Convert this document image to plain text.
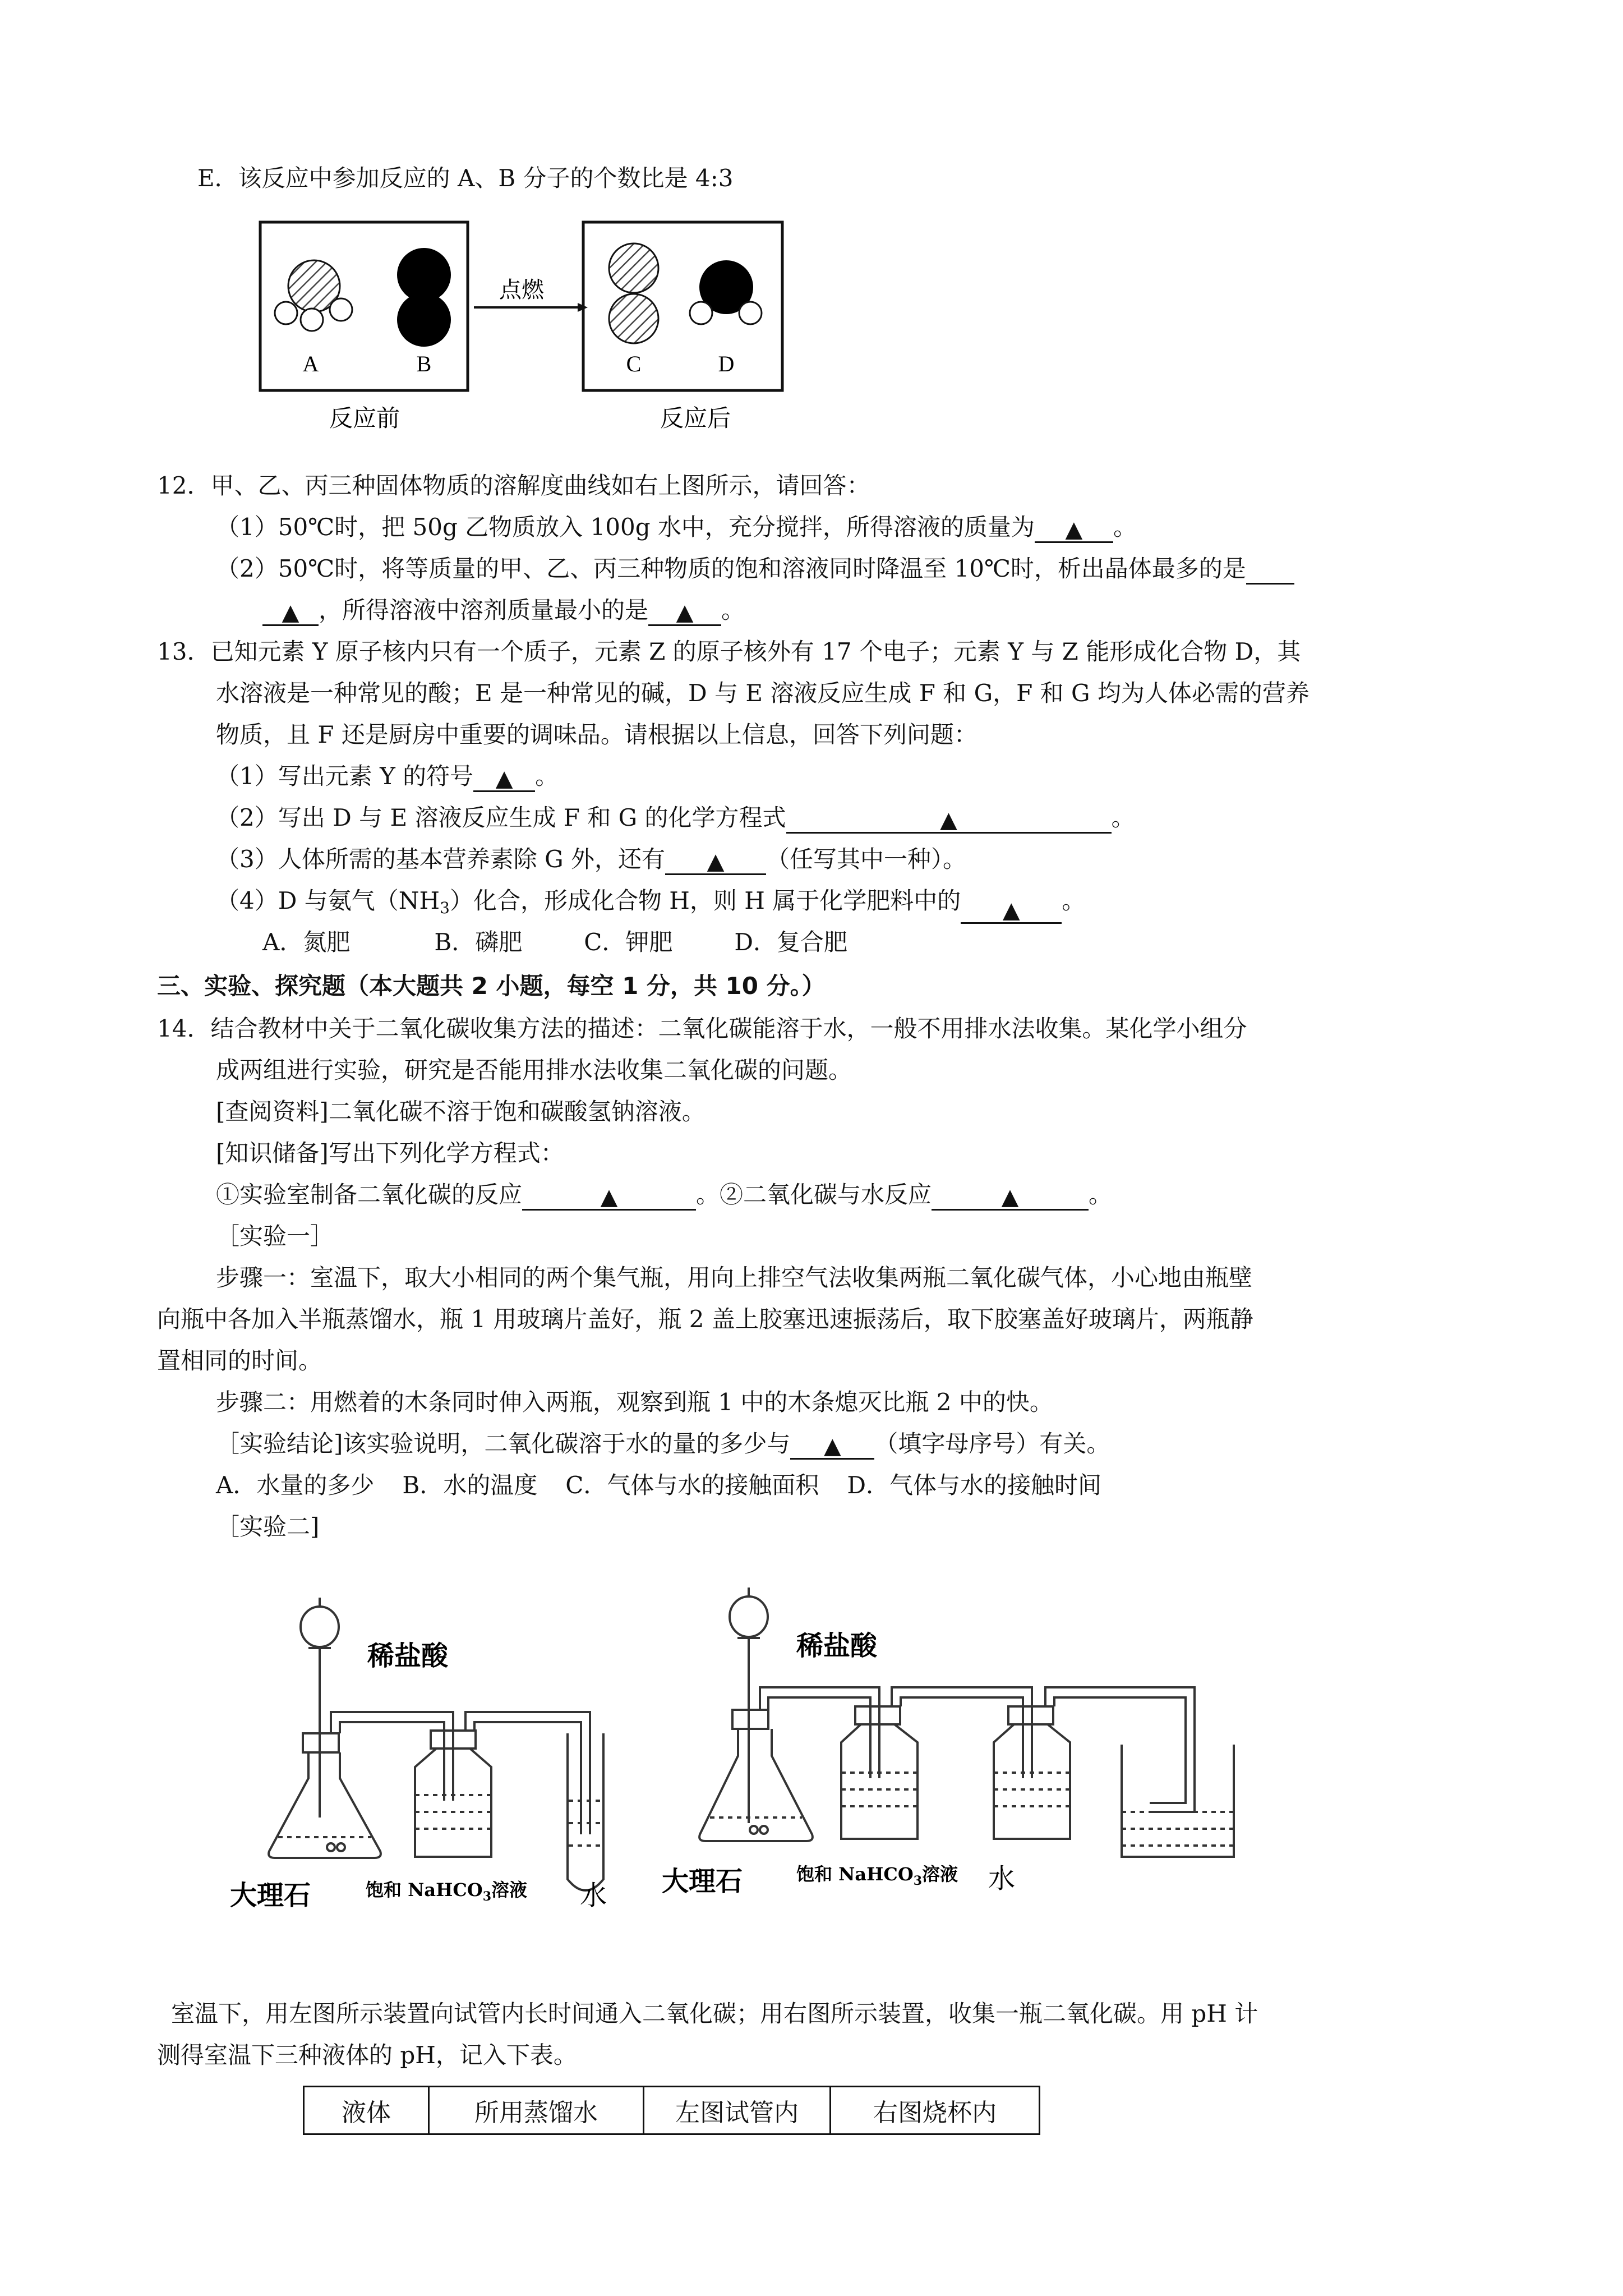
E．该反应中参加反应的 A、B 分子的个数比是 4:3
A	B
点燃
C	D
反应前	反应后
12．甲、乙、丙三种固体物质的溶解度曲线如右上图所示，请回答：
（1）50℃时，把 50g 乙物质放入 100g 水中，充分搅拌，所得溶液的质量为 ▲ 。
（2）50℃时，将等质量的甲、乙、丙三种物质的饱和溶液同时降温至 10℃时，析出晶体最多的是
▲ ，所得溶液中溶剂质量最小的是 ▲ 。
13．已知元素 Y 原子核内只有一个质子，元素 Z 的原子核外有 17 个电子；元素 Y 与 Z 能形成化合物 D，其
水溶液是一种常见的酸；E 是一种常见的碱，D 与 E 溶液反应生成 F 和 G，F 和 G 均为人体必需的营养
物质，且 F 还是厨房中重要的调味品。请根据以上信息，回答下列问题：
（1）写出元素 Y 的符号 ▲ 。
（2）写出 D 与 E 溶液反应生成 F 和 G 的化学方程式	▲	。
（3）人体所需的基本营养素除 G 外，还有 ▲ （任写其中一种）。
（4）D 与氨气$(NH_3)$化合，形成化合物 H，则 H 属于化学肥料中的 ▲ 。
A．氮肥	B．磷肥	C．钾肥	D．复合肥
三、实验、探究题（本大题共 2 小题，每空 1 分，共 10 分。）
14．结合教材中关于二氧化碳收集方法的描述：二氧化碳能溶于水，一般不用排水法收集。某化学小组分
成两组进行实验，研究是否能用排水法收集二氧化碳的问题。
[查阅资料]二氧化碳不溶于饱和碳酸氢钠溶液。
[知识储备]写出下列化学方程式：
①实验室制备二氧化碳的反应	▲	。②二氧化碳与水反应	▲	。
［实验一］
步骤一：室温下，取大小相同的两个集气瓶，用向上排空气法收集两瓶二氧化碳气体，小心地由瓶壁
向瓶中各加入半瓶蒸馏水，瓶 1 用玻璃片盖好，瓶 2 盖上胶塞迅速振荡后，取下胶塞盖好玻璃片，两瓶静
置相同的时间。
步骤二：用燃着的木条同时伸入两瓶，观察到瓶 1 中的木条熄灭比瓶 2 中的快。
［实验结论]该实验说明，二氧化碳溶于水的量的多少与 ▲ （填字母序号）有关。
A．水量的多少 B．水的温度 C．气体与水的接触面积 D．气体与水的接触时间
［实验二]
稀盐酸
大理石	饱和 NaHCO$_3$溶液 水
稀盐酸
大理石	饱和 NaHCO$_3$溶液 水
室温下，用左图所示装置向试管内长时间通入二氧化碳；用右图所示装置，收集一瓶二氧化碳。用 pH 计
测得室温下三种液体的 pH，记入下表。
液体	所用蒸馏水	左图试管内	右图烧杯内
